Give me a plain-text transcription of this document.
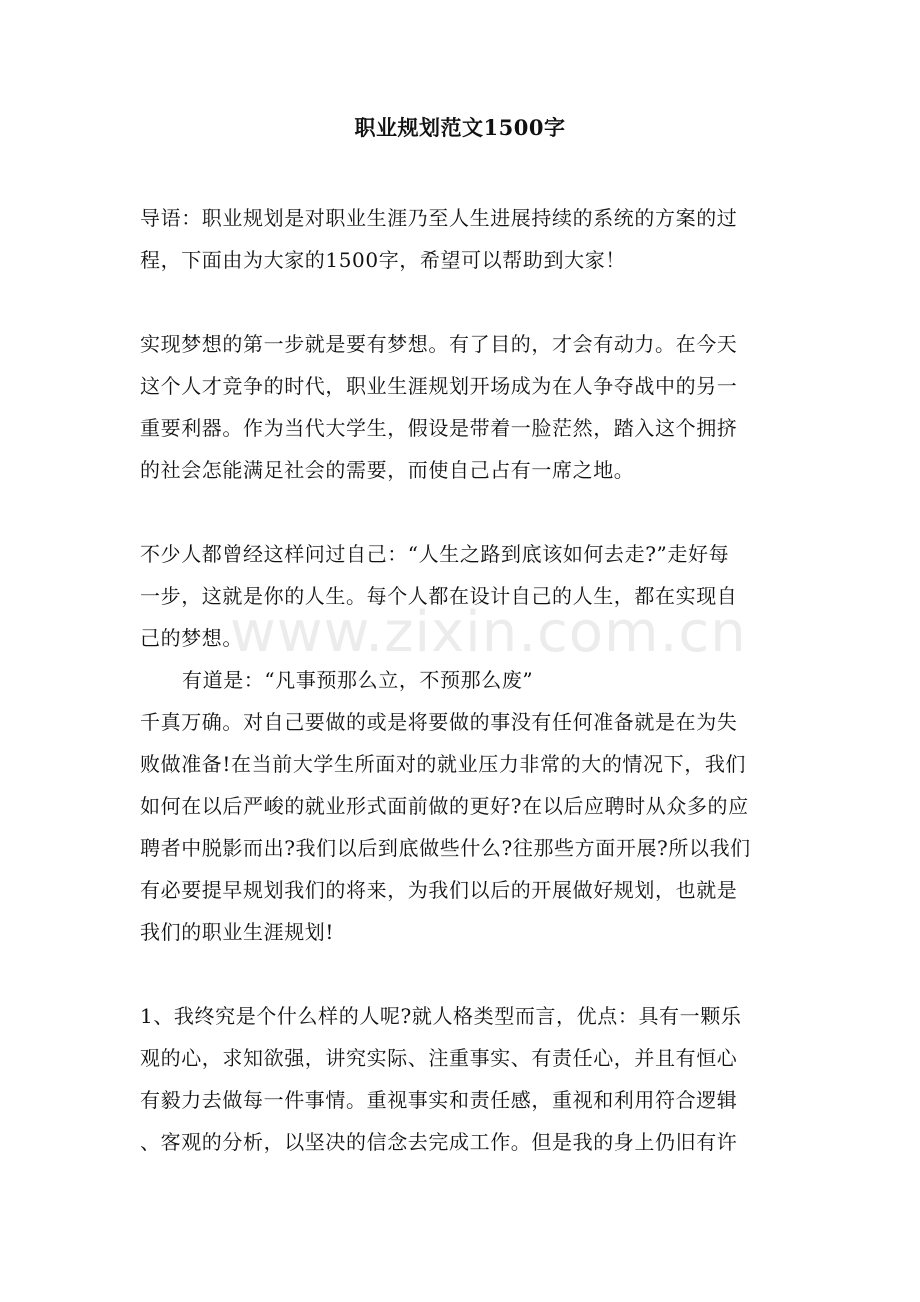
职业规划范文1500字
www.zixin.com.cn
导语：职业规划是对职业生涯乃至人生进展持续的系统的方案的过
程，下面由为大家的1500字，希望可以帮助到大家！
实现梦想的第一步就是要有梦想。有了目的，才会有动力。在今天
这个人才竞争的时代，职业生涯规划开场成为在人争夺战中的另一
重要利器。作为当代大学生，假设是带着一脸茫然，踏入这个拥挤
的社会怎能满足社会的需要，而使自己占有一席之地。
不少人都曾经这样问过自己：“人生之路到底该如何去走?”走好每
一步，这就是你的人生。每个人都在设计自己的人生，都在实现自
己的梦想。
有道是：“凡事预那么立，不预那么废”
千真万确。对自己要做的或是将要做的事没有任何准备就是在为失
败做准备!在当前大学生所面对的就业压力非常的大的情况下，我们
如何在以后严峻的就业形式面前做的更好?在以后应聘时从众多的应
聘者中脱影而出?我们以后到底做些什么?往那些方面开展?所以我们
有必要提早规划我们的将来，为我们以后的开展做好规划，也就是
我们的职业生涯规划!
1、我终究是个什么样的人呢?就人格类型而言，优点：具有一颗乐
观的心，求知欲强，讲究实际、注重事实、有责任心，并且有恒心
有毅力去做每一件事情。重视事实和责任感，重视和利用符合逻辑
、客观的分析，以坚决的信念去完成工作。但是我的身上仍旧有许
